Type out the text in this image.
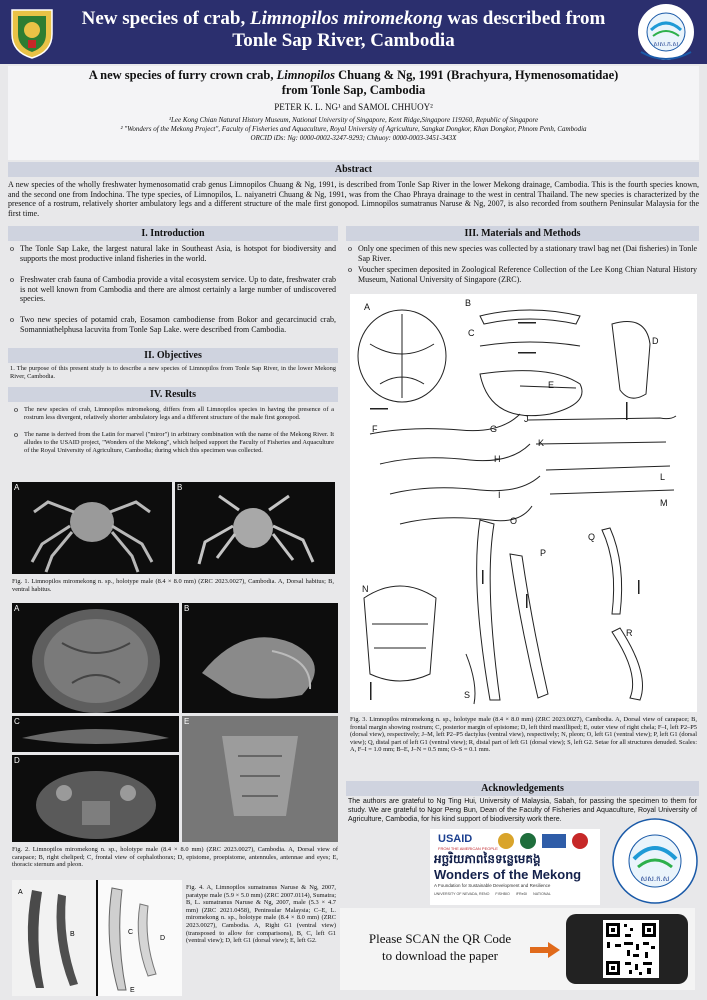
New species of crab, Limnopilos miromekong was described from
Tonle Sap River, Cambodia	សស.ក.ស
A new species of furry crown crab, Limnopilos Chuang & Ng, 1991 (Brachyura, Hymenosomatidae)
from Tonle Sap, Cambodia
PETER K. L. NG¹ and SAMOL CHHUOY²
¹Lee Kong Chian Natural History Museum, National University of Singapore, Kent Ridge,Singapore 119260, Republic of Singapore
² "Wonders of the Mekong Project", Faculty of Fisheries and Aquaculture, Royal University of Agriculture, Sangkat Dongkor, Khan Dongkor, Phnom Penh, Cambodia
ORCID iDs: Ng: 0000-0002-3247-9293; Chhuoy: 0000-0003-3451-343X
Abstract
A new species of the wholly freshwater hymenosomatid crab genus Limnopilos Chuang & Ng, 1991, is described from Tonle Sap River in the lower Mekong drainage, Cambodia. This is the fourth species known, and the second one from Indochina. The type species, of Limnopilos, L. naiyanetri Chuang & Ng, 1991, was from the Chao Phraya drainage to the west in central Thailand. The new species is characterized by the presence of a rostrum, relatively shorter ambulatory legs and a different structure of the male first gonopod. Limnopilos sumatranus Naruse & Ng, 2007, is also recorded from southern Peninsular Malaysia for the first time.
I. Introduction
o The Tonle Sap Lake, the largest natural lake in Southeast Asia, is hotspot for biodiversity and supports the most productive inland fisheries in the world.
o Freshwater crab fauna of Cambodia provide a vital ecosystem service. Up to date, freshwater crab is not well known from Cambodia and there are almost certainly a large number of undiscovered species.
o Two new species of potamid crab, Eosamon cambodiense from Bokor and gecarcinucid crab, Somanniathelphusa lacuvita from Tonle Sap Lake. were described from Cambodia.
II. Objectives
1. The purpose of this present study is to describe a new species of Limnopilos from Tonle Sap River, in the lower Mekong River, Cambodia.
IV. Results
o The new species of crab, Limnopilos miromekong, differs from all Limnopilos species in having the presence of a rostrum less divergent, relatively shorter ambulatory legs and a different structure of the male first gonopod.
o The name is derived from the Latin for marvel ("miror") in arbitrary combination with the name of the Mekong River. It alludes to the USAID project, "Wonders of the Mekong", which helped support the Faculty of Fisheries and Aquaculture of the Royal University of Agriculture, Cambodia; during which this specimen was collected.
A	B
Fig. 1. Limnopilos miromekong n. sp., holotype male (8.4 × 8.0 mm) (ZRC 2023.0027), Cambodia. A, Dorsal habitus; B, ventral habitus.
A	B
C
D
E
Fig. 2. Limnopilos miromekong n. sp., holotype male (8.4 × 8.0 mm) (ZRC 2023.0027), Cambodia. A, Dorsal view of carapace; B, right cheliped; C, frontal view of cephalothorax; D, epistome, proepistome, antennules, antennae and eyes; E, thoracic sternum and pleon.
A
B	C
D
E
Fig. 4. A, Limnopilos sumatranus Naruse & Ng, 2007, paratype male (5.9 × 5.0 mm) (ZRC 2007.0114), Sumatra; B, L. sumatranus Naruse & Ng, 2007, male (5.3 × 4.7 mm) (ZRC 2021.0458), Peninsular Malaysia; C–E, L. miromekong n. sp., holotype male (8.4 × 8.0 mm) (ZRC 2023.0027), Cambodia. A, Right G1 (ventral view) (transposed to allow for comparisons), B, C, left G1 (ventral view); D, left G1 (dorsal view); E, left G2.
III. Materials and Methods
o Only one specimen of this new species was collected by a stationary trawl bag net (Dai fisheries) in Tonle Sap River.
o Voucher specimen deposited in Zoological Reference Collection of the Lee Kong Chian Natural History Museum, National University of Singapore (ZRC).
A	B
C
D
E
F	G
H
I
J
K
L
M
N
O
P
Q
R
S
Fig. 3. Limnopilos miromekong n. sp., holotype male (8.4 × 8.0 mm) (ZRC 2023.0027), Cambodia. A, Dorsal view of carapace; B, frontal margin showing rostrum; C, posterior margin of epistome; D, left third maxilliped; E, outer view of right chela; F–I, left P2–P5 (dorsal view), respectively; J–M, left P2–P5 dactylus (ventral view), respectively; N, pleon; O, left G1 (ventral view); P, left G1 (dorsal view); Q, distal part of left G1 (ventral view); R, distal part of left G1 (dorsal view); S, left G2. Setae for all structures denuded. Scales: A, F–I = 1.0 mm; B–E, J–N = 0.5 mm; O–S = 0.1 mm.
Acknowledgements
The authors are grateful to Ng Ting Hui, University of Malaysia, Sabah, for passing the specimen to them for study. We are grateful to Ngor Peng Bun, Dean of the Faculty of Fisheries and Aquaculture, Royal University of Agriculture, Cambodia, for his kind support of biodiversity work there.
USAID
FROM THE AMERICAN PEOPLE
អច្ឆរិយភាពនៃទន្លេមេគង្គ
Wonders of the Mekong
A Foundation for Sustainable Development and Resilience
UNIVERSITY OF NEVADA, RENO FISHBIO IFReDI NATIONAL
សស.ក.ស
Please SCAN the QR Code
to download the paper
